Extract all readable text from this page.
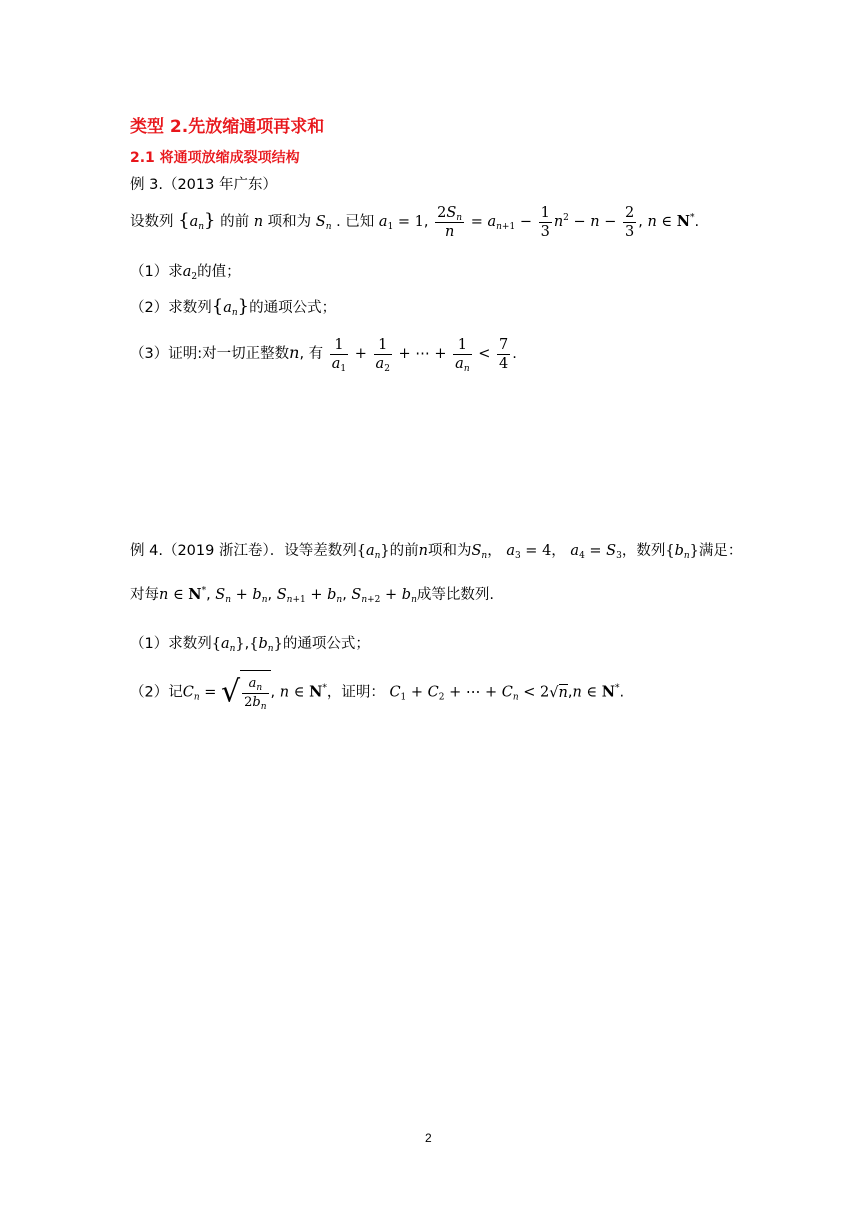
类型 2.先放缩通项再求和
2.1 将通项放缩成裂项结构
例 3.（2013 年广东）
设数列 $\{a_n\}$ 的前 n 项和为 $S_n$ . 已知 $a_1 = 1$, $\frac{2S_n}{n} = a_{n+1} - \frac{1}{3} n^2 - n - \frac{2}{3}$ , n ∈ N*.
（1）求$a_2$的值；
（2）求数列$\{a_n\}$的通项公式；
（3）证明:对一切正整数n, 有 $\frac{1}{a_1} + \frac{1}{a_2}$ + ⋯ + $\frac{1}{a_n} < \frac{7}{4}$ .
例 4.（2019 浙江卷）．设等差数列$\{a_n\}$的前n项和为$S_n$， $a_3 = 4$， $a_4 = S_3$，数列$\{b_n\}$满足：
对每n ∈ N*, $S_n + b_n$, $S_{n+1} + b_n$, $S_{n+2} + b_n$成等比数列.
（1）求数列$\{a_n\},\{b_n\}$的通项公式；
（2）记$C_n$ = √ $\frac{a_n}{2b_n}$ , n ∈ N*，证明： $C_1 + C_2$ + ⋯ + $C_n < 2√n,n$ ∈ N*.
2
